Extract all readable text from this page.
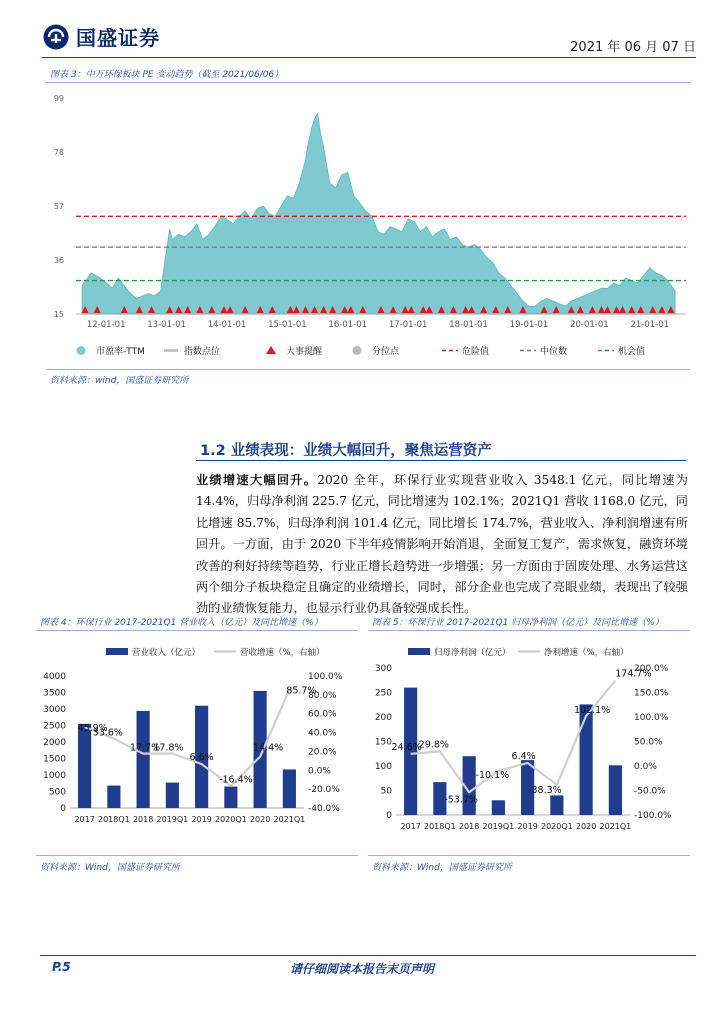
国盛证券	2021 年 06 月 07 日
图表 3：中万环保板块 PE 变动趋势（截至 2021/06/06）
15
36
57
78
99
12-01-01	13-01-01	14-01-01	15-01-01	16-01-01	17-01-01	18-01-01	19-01-01	20-01-01	21-01-01
市盈率-TTM	指数点位	大事提醒	分位点	危险值	中位数	机会值
资料来源：wind，国盛证券研究所
1.2 业绩表现：业绩大幅回升，聚焦运营资产
业绩增速大幅回升。2020 全年，环保行业实现营业收入 3548.1 亿元，同比增速为 14.4%，归母净利润 225.7 亿元，同比增速为 102.1%；2021Q1 营收 1168.0 亿元，同比增速 85.7%，归母净利润 101.4 亿元，同比增长 174.7%，营业收入、净利润增速有所回升。一方面，由于 2020 下半年疫情影响开始消退，全面复工复产，需求恢复，融资环境改善的利好持续等趋势，行业正增长趋势进一步增强；另一方面由于固废处理、水务运营这两个细分子板块稳定且确定的业绩增长，同时，部分企业也完成了亮眼业绩，表现出了较强劲的业绩恢复能力，也显示行业仍具备较强成长性。
图表 4：环保行业 2017-2021Q1 营业收入（亿元）及同比增速（%）
0
500
1000
1500
2000
2500
3000
3500
4000
-40.0%
-20.0%
0.0%
20.0%
40.0%
60.0%
80.0%
100.0%
2017 2018Q1 2018 2019Q1 2019 2020Q1 2020 2021Q1
45.9%
33.6%
17.7%
17.8%
6.6%
-16.4%
14.4%
85.7%
营业收入（亿元）	营收增速（%，右轴）
资料来源：Wind，国盛证券研究所
图表 5：环保行业 2017-2021Q1 归母净利润（亿元）及同比增速（%）
0
50
100
150
200
250
300
-100.0%
-50.0%
0.0%
50.0%
100.0%
150.0%
200.0%
2017 2018Q1 2018 2019Q1 2019 2020Q1 2020 2021Q1
24.6%
29.8%
-53.7%
-10.1%
6.4%
-38.3%
102.1%
174.7%
归母净利润（亿元）	净利增速（%，右轴）
资料来源：Wind，国盛证券研究所
P.5	请仔细阅读本报告末页声明
